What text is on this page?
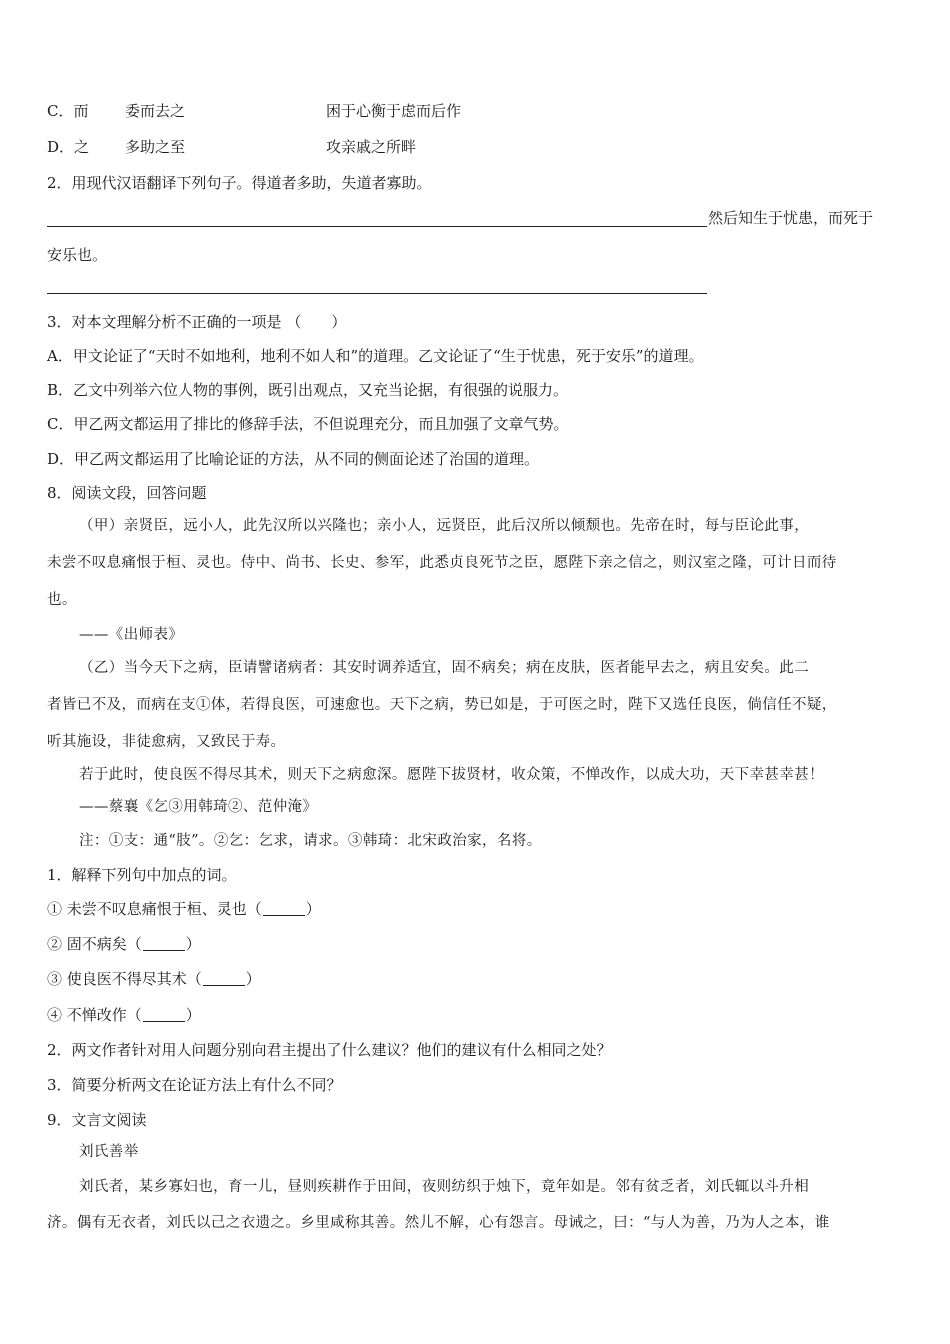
C．而 委而去之	困于心衡于虑而后作
D．之 多助之至	攻亲戚之所畔
2．用现代汉语翻译下列句子。得道者多助，失道者寡助。
然后知生于忧患，而死于
安乐也。
3．对本文理解分析不正确的一项是 （　　）
A．甲文论证了“天时不如地利，地利不如人和”的道理。乙文论证了“生于忧患，死于安乐”的道理。
B．乙文中列举六位人物的事例，既引出观点，又充当论据，有很强的说服力。
C．甲乙两文都运用了排比的修辞手法，不但说理充分，而且加强了文章气势。
D．甲乙两文都运用了比喻论证的方法，从不同的侧面论述了治国的道理。
8．阅读文段，回答问题
（甲）亲贤臣，远小人，此先汉所以兴隆也；亲小人，远贤臣，此后汉所以倾颓也。先帝在时，每与臣论此事，
未尝不叹息痛恨于桓、灵也。侍中、尚书、长史、参军，此悉贞良死节之臣，愿陛下亲之信之，则汉室之隆，可计日而待
也。
——《出师表》
（乙）当今天下之病，臣请譬诸病者：其安时调养适宜，固不病矣；病在皮肤，医者能早去之，病且安矣。此二
者皆已不及，而病在支①体，若得良医，可速愈也。天下之病，势已如是，于可医之时，陛下又选任良医，倘信任不疑，
听其施设，非徒愈病，又致民于寿。
若于此时，使良医不得尽其术，则天下之病愈深。愿陛下拔贤材，收众策，不惮改作，以成大功，天下幸甚幸甚！
——蔡襄《乞③用韩琦②、范仲淹》
注：①支：通“肢”。②乞：乞求，请求。③韩琦：北宋政治家，名将。
1．解释下列句中加点的词。
① 未尝不叹息痛恨于桓、灵也（	）
② 固不病矣（	）
③ 使良医不得尽其术（	）
④ 不惮改作（	）
2．两文作者针对用人问题分别向君主提出了什么建议？他们的建议有什么相同之处？
3．简要分析两文在论证方法上有什么不同？
9．文言文阅读
刘氏善举
刘氏者，某乡寡妇也，育一儿，昼则疾耕作于田间，夜则纺织于烛下，竟年如是。邻有贫乏者，刘氏辄以斗升相
济。偶有无衣者，刘氏以己之衣遗之。乡里咸称其善。然儿不解，心有怨言。母诫之，曰：“与人为善，乃为人之本，谁
